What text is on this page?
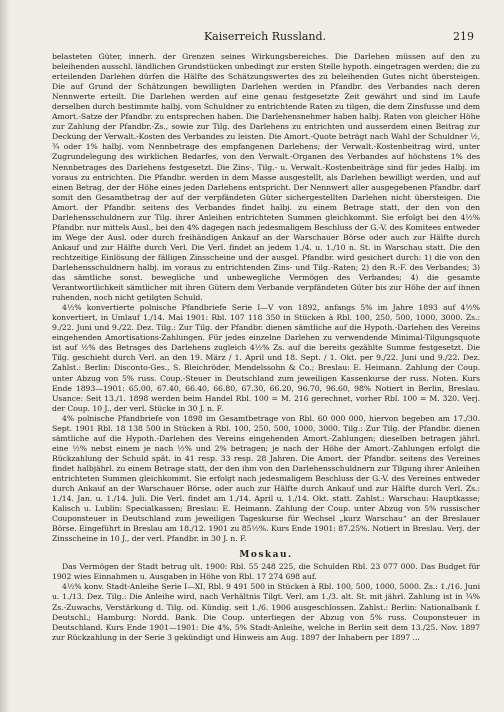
Kaiserreich Russland.	219

belasteten Güter, innerh. der Grenzen seines Wirkungsbereiches. Die Darlehen müssen auf den zu beleihenden ausschl. ländlichen Grundstücken unbedingt zur ersten Stelle hypoth. eingetragen werden; die zu erteilenden Darlehen dürfen die Hälfte des Schätzungswertes des zu beleihenden Gutes nicht übersteigen. Die auf Grund der Schätzungen bewilligten Darlehen werden in Pfandbr. des Verbandes nach deren Nennwerte erteilt. Die Darlehen werden auf eine genau festgesetzte Zeit gewährt und sind im Laufe derselben durch bestimmte halbj. vom Schuldner zu entrichtende Raten zu tilgen, die dem Zinsfusse und dem Amort.-Satze der Pfandbr. zu entsprechen haben. Die Darlehensnehmer haben halbj. Raten von gleicher Höhe zur Zahlung der Pfandbr.-Zs., sowie zur Tilg. des Darlehens zu entrichten und ausserdem einen Beitrag zur Deckung der Verwalt.-Kosten des Verbandes zu leisten. Die Amort.-Quote beträgt nach Wahl der Schuldner ½, ¾ oder 1% halbj. vom Nennbetrage des empfangenen Darlehens; der Verwalt.-Kostenbeitrag wird, unter Zugrundelegung des wirklichen Bedarfes, von den Verwalt.-Organen des Verbandes auf höchstens 1% des Nennbetrages des Darlehens festgesetzt. Die Zins-, Tilg.- u. Verwalt.-Kostenbeiträge sind für jedes Halbj. im voraus zu entrichten. Die Pfandbr. werden in dem Masse ausgestellt, als Darlehen bewilligt werden, und auf einen Betrag, der der Höhe eines jeden Darlehens entspricht. Der Nennwert aller ausgegebenen Pfandbr. darf somit den Gesamtbetrag der auf der verpfändeten Güter sichergestellten Darlehen nicht übersteigen. Die Amort. der Pfandbr. seitens des Verbandes findet halbj. zu einem Betrage statt, der den von den Darlehensschuldnern zur Tilg. ihrer Anleihen entrichteten Summen gleichkommt. Sie erfolgt bei den 4½% Pfandbr. nur mittels Ausl., bei den 4% dagegen nach jedesmaligem Beschluss der G.-V. des Komitees entweder im Wege der Ausl. oder durch freihändigen Ankauf an der Warschauer Börse oder auch zur Hälfte durch Ankauf und zur Hälfte durch Verl. Die Verl. findet an jedem 1./4. u. 1./10 n. St. in Warschau statt. Die den rechtzeitige Einlösung der fälligen Zinsscheine und der ausgel. Pfandbr. wird gesichert durch: 1) die von den Darlehensschuldnern halbj. im voraus zu entrichtenden Zins- und Tilg.-Raten; 2) den R.-F. des Verbandes; 3) das sämtliche sonst. bewegliche und unbewegliche Vermögen des Verbandes; 4) die gesamte Verantwortlichkeit sämtlicher mit ihren Gütern dem Verbande verpfändeten Güter bis zur Höhe der auf ihnen ruhenden, noch nicht getilgten Schuld.

4½% konvertierte polnische Pfandbriefe Serie I—V von 1892, anfangs 5% im Jahre 1893 auf 4½% konvertiert, in Umlauf 1./14. Mai 1901: Rbl. 107 118 350 in Stücken à Rbl. 100, 250, 500, 1000, 3000. Zs.: 9./22. Juni und 9./22. Dez. Tilg.: Zur Tilg. der Pfandbr. dienen sämtliche auf die Hypoth.-Darlehen des Vereins eingehenden Amortisations-Zahlungen. Für jedes einzelne Darlehen zu verwendende Minimal-Tilgungsquote ist auf ½% des Betrages des Darlehens zugleich 4½% Zs. auf die bereits gezählte Summe festgesetzt. Die Tilg. geschieht durch Verl. an den 19. März / 1. April und 18. Sept. / 1. Okt. per 9./22. Juni und 9./22. Dez. Zahlst.: Berlin: Disconto-Ges., S. Bleichröder, Mendelssohn & Co.; Breslau: E. Heimann. Zahlung der Coup. unter Abzug von 5% russ. Coup.-Steuer in Deutschland zum jeweiligen Kassenkurse der russ. Noten. Kurs Ende 1893—1901: 65.00, 67.40, 66.40, 66.80, 67.30, 66.20, 96.70, 96.60, 98% Notiert in Berlin, Breslau. Usance: Seit 13./1. 1898 werden beim Handel Rbl. 100 = M. 216 gerechnet, vorher Rbl. 100 = M. 320. Verj. der Coup. 10 J., der verl. Stücke in 30 J. n. F.

4% polnische Pfandbriefe von 1898 im Gesamtbetrage von Rbl. 60 000 000, hiervon begeben am 17./30. Sept. 1901 Rbl. 18 138 500 in Stücken à Rbl. 100, 250, 500, 1000, 3000. Tilg.: Zur Tilg. der Pfandbr. dienen sämtliche auf die Hypoth.-Darlehen des Vereins eingehenden Amort.-Zahlungen; dieselben betragen jährl. eine ½% nebst einem je nach ½% und 2% betragen; je nach der Höhe der Amort.-Zahlungen erfolgt die Rückzahlung der Schuld spät. in 41 resp. 33 resp. 28 Jahren. Die Amort. der Pfandbr. seitens des Vereines findet halbjährl. zu einem Betrage statt, der den ihm von den Darlehensschuldnern zur Tilgung ihrer Anleihen entrichteten Summen gleichkommt. Sie erfolgt nach jedesmaligem Beschluss der G.-V. des Vereines entweder durch Ankauf an der Warschauer Börse, oder auch zur Hälfte durch Ankauf und zur Hälfte durch Verl. Zs.: 1./14. Jan. u. 1./14. Juli. Die Verl. findet am 1./14. April u. 1./14. Okt. statt. Zahlst.: Warschau: Hauptkasse; Kalisch u. Lublin: Specialkassen; Breslau: E. Heimann. Zahlung der Coup. unter Abzug von 5% russischer Couponsteuer in Deutschland zum jeweiligen Tageskurse für Wechsel „kurz Warschau“ an der Breslauer Börse. Eingeführt in Breslau am 18./12. 1901 zu 85½%. Kurs Ende 1901: 87.25%. Notiert in Breslau. Verj. der Zinsscheine in 10 J., der verl. Pfandbr. in 30 J. n. F.

Moskau.

Das Vermögen der Stadt betrug ult. 1900: Rbl. 55 248 225, die Schulden Rbl. 23 077 000. Das Budget für 1902 wies Einnahmen u. Ausgaben in Höhe von Rbl. 17 274 698 auf.

4½% konv. Stadt-Anleihe Serie I—XI, Rbl. 9 491 500 in Stücken à Rbl. 100, 500, 1000, 5000. Zs.: 1./16. Juni u. 1./13. Dez. Tilg.: Die Anleihe wird, nach Verhältnis Tilgt. Verl. am 1./3. alt. St. mit jährl. Zahlung ist in ¾% Zs.-Zuwachs, Verstärkung d. Tilg. od. Kündig. seit 1./6. 1906 ausgeschlossen. Zahlst.: Berlin: Nationalbank f. Deutschl.; Hamburg: Nordd. Bank. Die Coup. unterliegen der Abzug von 5% russ. Couponsteuer in Deutschland. Kurs Ende 1901—1901: Die 4%, 5% Stadt-Anleihe, welche in Berlin seit dem 13./25. Nov. 1897 zur Rückzahlung in der Serie 3 gekündigt und Hinweis am Aug. 1897 der Inhabern per 1897 ...
